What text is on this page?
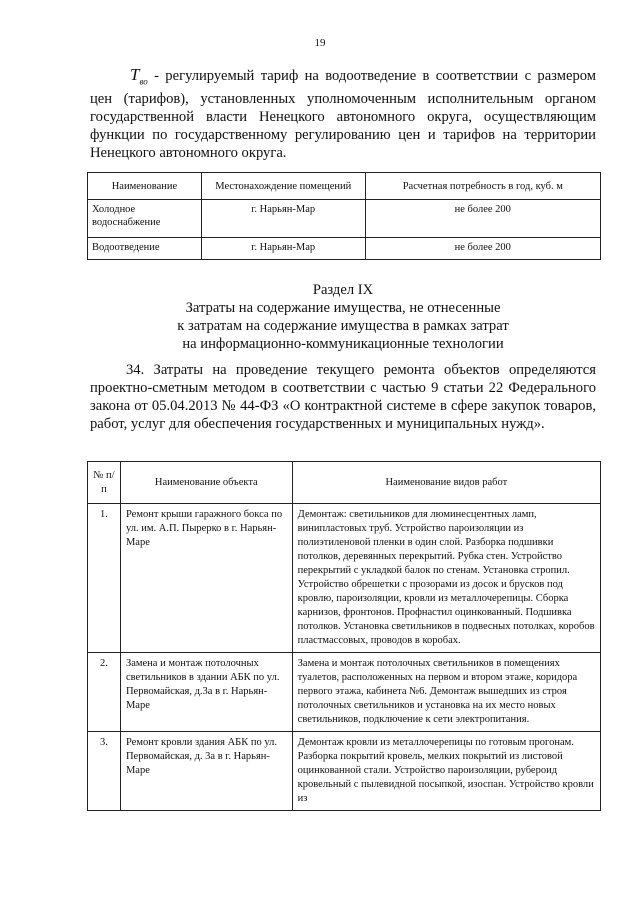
19

$T_{во}$ - регулируемый тариф на водоотведение в соответствии с размером цен (тарифов), установленных уполномоченным исполнительным органом государственной власти Ненецкого автономного округа, осуществляющим функции по государственному регулированию цен и тарифов на территории Ненецкого автономного округа.

Наименование	Местонахождение помещений	Расчетная потребность в год, куб. м
Холодное водоснабжение	г. Нарьян-Мар	не более 200
Водоотведение	г. Нарьян-Мар	не более 200
Раздел IX
Затраты на содержание имущества, не отнесенные
к затратам на содержание имущества в рамках затрат
на информационно-коммуникационные технологии

34. Затраты на проведение текущего ремонта объектов определяются проектно-сметным методом в соответствии с частью 9 статьи 22 Федерального закона от 05.04.2013 № 44-ФЗ «О контрактной системе в сфере закупок товаров, работ, услуг для обеспечения государственных и муниципальных нужд».

№ п/п	Наименование объекта	Наименование видов работ
1.	Ремонт крыши гаражного бокса по ул. им. А.П. Пырерко в г. Нарьян-Маре	Демонтаж: светильников для люминесцентных ламп, винипластовых труб. Устройство пароизоляции из полиэтиленовой пленки в один слой. Разборка подшивки потолков, деревянных перекрытий. Рубка стен. Устройство перекрытий с укладкой балок по стенам. Установка стропил. Устройство обрешетки с прозорами из досок и брусков под кровлю, пароизоляции, кровли из металлочерепицы. Сборка карнизов, фронтонов. Профнастил оцинкованный. Подшивка потолков. Установка светильников в подвесных потолках, коробов пластмассовых, проводов в коробах.
2.	Замена и монтаж потолочных светильников в здании АБК по ул. Первомайская, д.3а в г. Нарьян-Маре	Замена и монтаж потолочных светильников в помещениях туалетов, расположенных на первом и втором этаже, коридора первого этажа, кабинета №6. Демонтаж вышедших из строя потолочных светильников и установка на их место новых светильников, подключение к сети электропитания.
3.	Ремонт кровли здания АБК по ул. Первомайская, д. 3а в г. Нарьян-Маре	Демонтаж кровли из металлочерепицы по готовым прогонам. Разборка покрытий кровель, мелких покрытий из листовой оцинкованной стали. Устройство пароизоляции, рубероид кровельный с пылевидной посыпкой, изоспан. Устройство кровли из
